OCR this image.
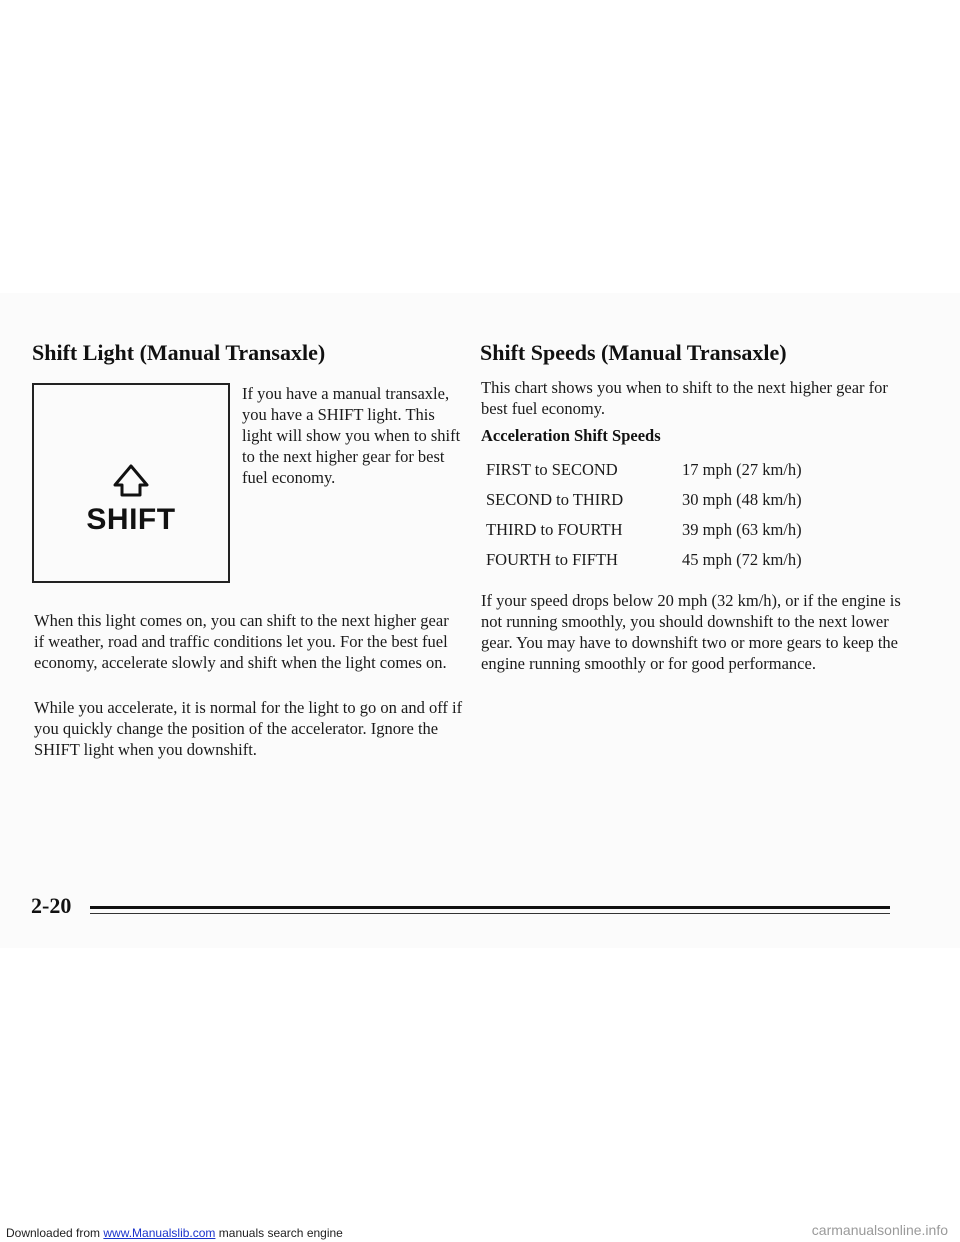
Shift Light (Manual Transaxle)
SHIFT

If you have a manual transaxle, you have a SHIFT light. This light will show you when to shift to the next higher gear for best fuel economy.

When this light comes on, you can shift to the next higher gear if weather, road and traffic conditions let you. For the best fuel economy, accelerate slowly and shift when the light comes on.

While you accelerate, it is normal for the light to go on and off if you quickly change the position of the accelerator. Ignore the SHIFT light when you downshift.

Shift Speeds (Manual Transaxle)

This chart shows you when to shift to the next higher gear for best fuel economy.

Acceleration Shift Speeds
FIRST to SECOND	17 mph (27 km/h)
SECOND to THIRD	30 mph (48 km/h)
THIRD to FOURTH	39 mph (63 km/h)
FOURTH to FIFTH	45 mph (72 km/h)

If your speed drops below 20 mph (32 km/h), or if the engine is not running smoothly, you should downshift to the next lower gear. You may have to downshift two or more gears to keep the engine running smoothly or for good performance.

2-20
Downloaded from www.Manualslib.com manuals search engine	carmanualsonline.info
